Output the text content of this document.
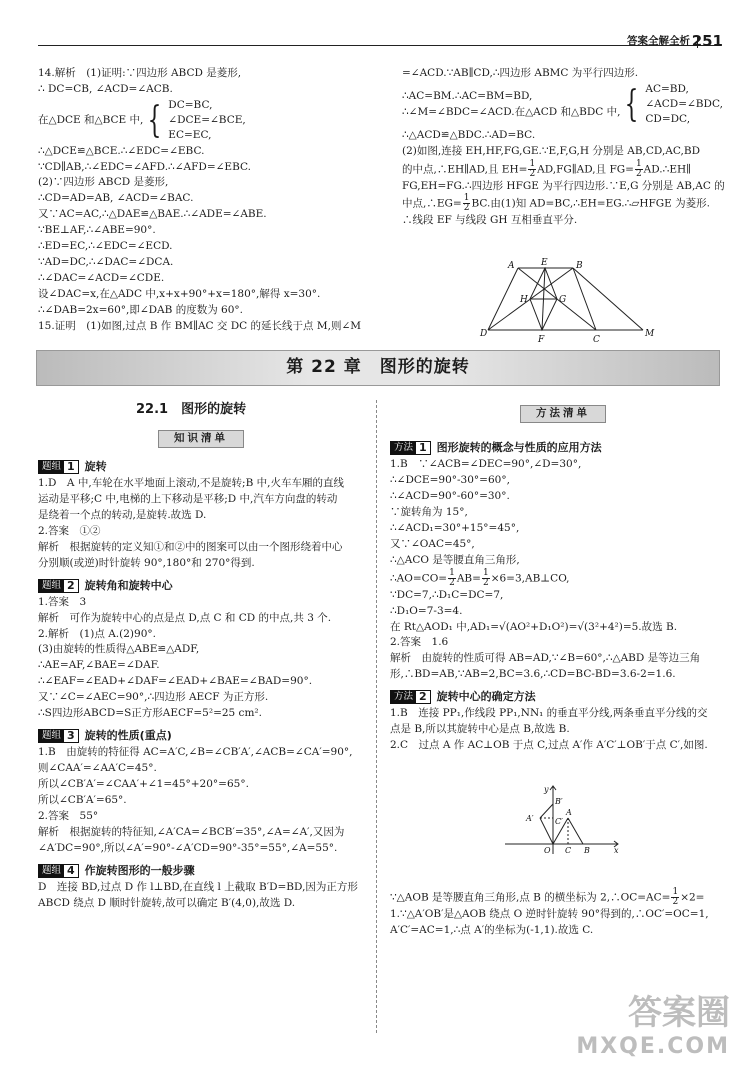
答案全解全析 251

14.解析　(1)证明:∵四边形 ABCD 是菱形,

∴ DC=CB, ∠ACD=∠ACB.

在△DCE 和△BCE 中, { DC=BC,

∠DCE=∠BCE,

EC=EC,

∴△DCE≌△BCE.∴∠EDC=∠EBC.

∵CD∥AB,∴∠EDC=∠AFD.∴∠AFD=∠EBC.

(2)∵四边形 ABCD 是菱形,

∴CD=AD=AB, ∠ACD=∠BAC.

又∵AC=AC,∴△DAE≌△BAE.∴∠ADE=∠ABE.

∵BE⊥AF,∴∠ABE=90°.

∴ED=EC,∴∠EDC=∠ECD.

∵AD=DC,∴∠DAC=∠DCA.

∴∠DAC=∠ACD=∠CDE.

设∠DAC=x,在△ADC 中,x+x+90°+x=180°,解得 x=30°.

∴∠DAB=2x=60°,即∠DAB 的度数为 60°.

15.证明　(1)如图,过点 B 作 BM∥AC 交 DC 的延长线于点 M,则∠M

=∠ACD.∵AB∥CD,∴四边形 ABMC 为平行四边形.

∴AC=BM.∴AC=BM=BD,

∴∠M=∠BDC=∠ACD.在△ACD 和△BDC 中, { AC=BD,

∠ACD=∠BDC,

CD=DC,

∴△ACD≌△BDC.∴AD=BC.

(2)如图,连接 EH,HF,FG,GE.∵E,F,G,H 分别是 AB,CD,AC,BD

的中点,∴EH∥AD,且 $EH= \frac{1}{2}$ AD,FG∥AD,且 $FG= \frac{1}{2}$ AD.∴EH∥

FG,EH=FG.∴四边形 HFGE 为平行四边形.∵E,G 分别是 AB,AC 的

中点,∴EG= $\frac{1}{2}$ BC.由(1)知 AD=BC,∴EH=EG.∴▱HFGE 为菱形.

∴线段 EF 与线段 GH 互相垂直平分.

A	E	B
H	G
D
F	C
M
第 22 章　图形的旋转
22.1　图形的旋转
知识清单
方法清单

题组 1 旋转

1.D　A 中,车轮在水平地面上滚动,不是旋转;B 中,火车车厢的直线

运动是平移;C 中,电梯的上下移动是平移;D 中,汽车方向盘的转动

是绕着一个点的转动,是旋转.故选 D.

2.答案　①②

解析　根据旋转的定义知①和②中的图案可以由一个图形绕着中心

分别顺(或逆)时针旋转 90°,180°和 270°得到.

题组 2 旋转角和旋转中心

1.答案　3

解析　可作为旋转中心的点是点 D,点 C 和 CD 的中点,共 3 个.

2.解析　(1)点 A.(2)90°.

(3)由旋转的性质得△ABE≌△ADF,

∴AE=AF,∠BAE=∠DAF.

∴∠EAF=∠EAD+∠DAF=∠EAD+∠BAE=∠BAD=90°.

又∵∠C=∠AEC=90°,∴四边形 AECF 为正方形.

∴S四边形ABCD=S正方形AECF=5²=25 cm².

题组 3 旋转的性质(重点)

1.B　由旋转的特征得 AC=A′C,∠B=∠CB′A′,∠ACB=∠CA′=90°,

则∠CAA′=∠AA′C=45°.

所以∠CB′A′=∠CAA′+∠1=45°+20°=65°.

所以∠CB′A′=65°.

2.答案　55°

解析　根据旋转的特征知,∠A′CA=∠BCB′=35°,∠A=∠A′,又因为

∠A′DC=90°,所以∠A′=90°-∠A′CD=90°-35°=55°,∠A=55°.

题组 4 作旋转图形的一般步骤

D　连接 BD,过点 D 作 l⊥BD,在直线 l 上截取 B′D=BD,因为正方形

ABCD 绕点 D 顺时针旋转,故可以确定 B′(4,0),故选 D.

方法 1 图形旋转的概念与性质的应用方法

1.B　∵∠ACB=∠DEC=90°,∠D=30°,

∴∠DCE=90°-30°=60°,

∴∠ACD=90°-60°=30°.

∵旋转角为 15°,

∴∠ACD₁=30°+15°=45°,

又∵∠OAC=45°,

∴△ACO 是等腰直角三角形,

∴AO=CO= $\frac{1}{2} AB= \frac{1}{2}$ ×6=3,AB⊥CO,

∵DC=7,∴D₁C=DC=7,

∴D₁O=7-3=4.

在 Rt△AOD₁ 中,AD₁=√(AO²+D₁O²)=√(3²+4²)=5.故选 B.

2.答案　1.6

解析　由旋转的性质可得 AB=AD,∵∠B=60°,∴△ABD 是等边三角

形,∴BD=AB,∵AB=2,BC=3.6,∴CD=BC-BD=3.6-2=1.6.

方法 2 旋转中心的确定方法

1.B　连接 PP₁,作线段 PP₁,NN₁ 的垂直平分线,两条垂直平分线的交

点是 B,所以其旋转中心是点 B,故选 B.

2.C　过点 A 作 AC⊥OB 于点 C,过点 A′作 A′C′⊥OB′于点 C′,如图.

y
B′
A′	C′
A
O C B	x

∵△AOB 是等腰直角三角形,点 B 的横坐标为 2,∴OC=AC= $\frac{1}{2} \times 2=$

1.∵△A′OB′是△AOB 绕点 O 逆时针旋转 90°得到的,∴OC′=OC=1,

A′C′=AC=1,∴点 A′的坐标为(-1,1).故选 C.

答案圈
MXQE.COM
